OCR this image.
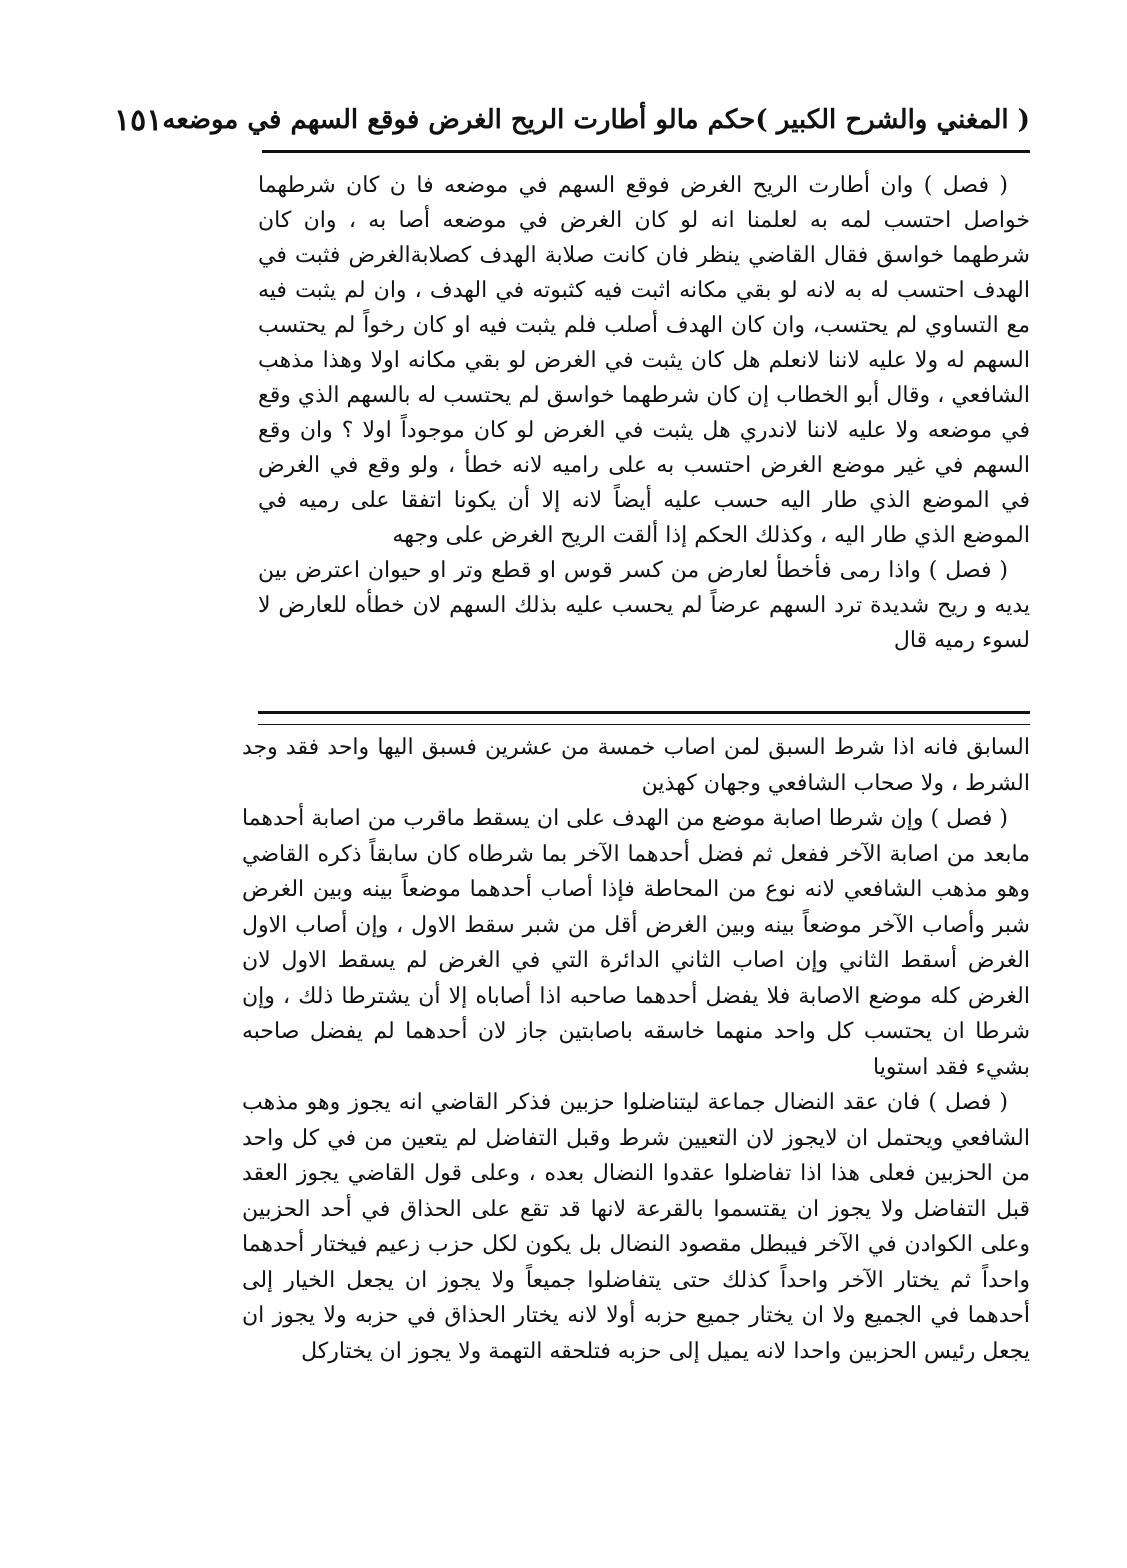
( المغني والشرح الكبير )
حكم مالو أطارت الريح الغرض فوقع السهم في موضعه
١٥١

( فصل ) وان أطارت الريح الغرض فوقع السهم في موضعه فا ن كان شرطهما خواصل احتسب لمه به لعلمنا انه لو كان الغرض في موضعه أصا به ، وان كان شرطهما خواسق فقال القاضي ينظر فان كانت صلابة الهدف كصلابةالغرض فثبت في الهدف احتسب له به لانه لو بقي مكانه اثبت فيه كثبوته في الهدف ، وان لم يثبت فيه مع التساوي لم يحتسب، وان كان الهدف أصلب فلم يثبت فيه او كان رخواً لم يحتسب السهم له ولا عليه لاننا لانعلم هل كان يثبت في الغرض لو بقي مكانه اولا وهذا مذهب الشافعي ، وقال أبو الخطاب إن كان شرطهما خواسق لم يحتسب له بالسهم الذي وقع في موضعه ولا عليه لاننا لاندري هل يثبت في الغرض لو كان موجوداً اولا ؟ وان وقع السهم في غير موضع الغرض احتسب به على راميه لانه خطأ ، ولو وقع في الغرض في الموضع الذي طار اليه حسب عليه أيضاً لانه إلا أن يكونا اتفقا على رميه في الموضع الذي طار اليه ، وكذلك الحكم إذا ألقت الريح الغرض على وجهه

( فصل ) واذا رمى فأخطأ لعارض من كسر قوس او قطع وتر او حيوان اعترض بين يديه و ريح شديدة ترد السهم عرضاً لم يحسب عليه بذلك السهم لان خطأه للعارض لا لسوء رميه قال

السابق فانه اذا شرط السبق لمن اصاب خمسة من عشرين فسبق اليها واحد فقد وجد الشرط ، ولا صحاب الشافعي وجهان كهذين

( فصل ) وإن شرطا اصابة موضع من الهدف على ان يسقط ماقرب من اصابة أحدهما مابعد من اصابة الآخر ففعل ثم فضل أحدهما الآخر بما شرطاه كان سابقاً ذكره القاضي وهو مذهب الشافعي لانه نوع من المحاطة فإذا أصاب أحدهما موضعاً بينه وبين الغرض شبر وأصاب الآخر موضعاً بينه وبين الغرض أقل من شبر سقط الاول ، وإن أصاب الاول الغرض أسقط الثاني وإن اصاب الثاني الدائرة التي في الغرض لم يسقط الاول لان الغرض كله موضع الاصابة فلا يفضل أحدهما صاحبه اذا أصاباه إلا أن يشترطا ذلك ، وإن شرطا ان يحتسب كل واحد منهما خاسقه باصابتين جاز لان أحدهما لم يفضل صاحبه بشيء فقد استويا

( فصل ) فان عقد النضال جماعة ليتناضلوا حزبين فذكر القاضي انه يجوز وهو مذهب الشافعي ويحتمل ان لايجوز لان التعيين شرط وقبل التفاضل لم يتعين من في كل واحد من الحزبين فعلى هذا اذا تفاضلوا عقدوا النضال بعده ، وعلى قول القاضي يجوز العقد قبل التفاضل ولا يجوز ان يقتسموا بالقرعة لانها قد تقع على الحذاق في أحد الحزبين وعلى الكوادن في الآخر فيبطل مقصود النضال بل يكون لكل حزب زعيم فيختار أحدهما واحداً ثم يختار الآخر واحداً كذلك حتى يتفاضلوا جميعاً ولا يجوز ان يجعل الخيار إلى أحدهما في الجميع ولا ان يختار جميع حزبه أولا لانه يختار الحذاق في حزبه ولا يجوز ان يجعل رئيس الحزبين واحدا لانه يميل إلى حزبه فتلحقه التهمة ولا يجوز ان يختاركل
